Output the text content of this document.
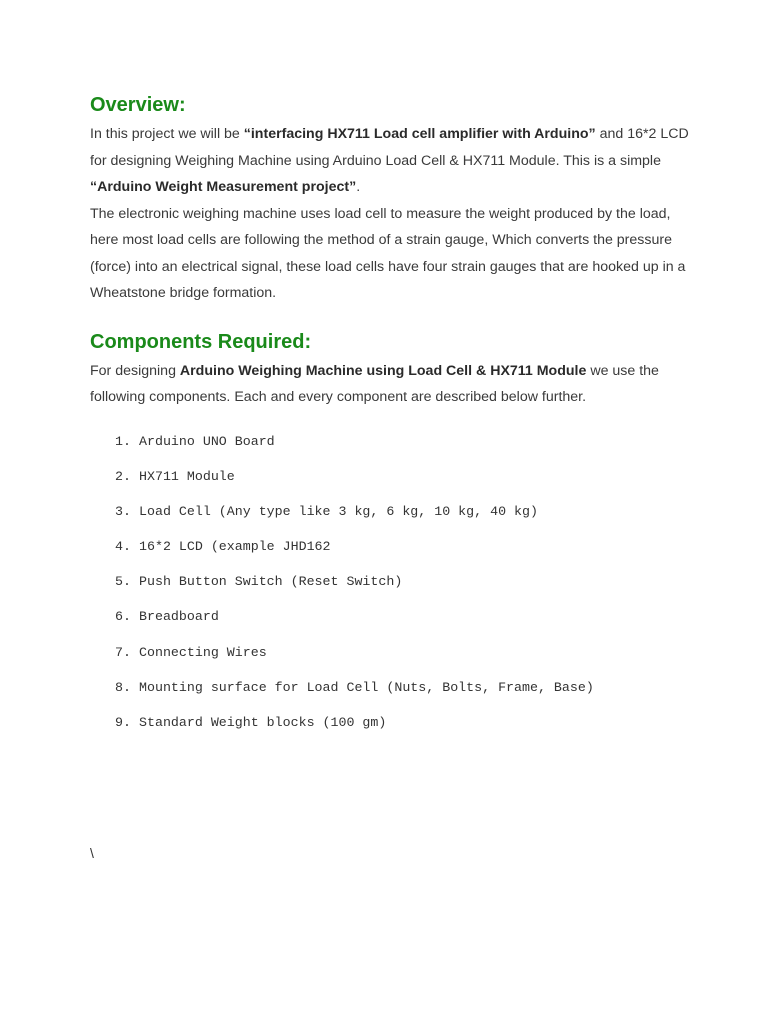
Overview:

In this project we will be “interfacing HX711 Load cell amplifier with Arduino” and 16*2 LCD for designing Weighing Machine using Arduino Load Cell & HX711 Module. This is a simple “Arduino Weight Measurement project”.

The electronic weighing machine uses load cell to measure the weight produced by the load, here most load cells are following the method of a strain gauge, Which converts the pressure (force) into an electrical signal, these load cells have four strain gauges that are hooked up in a Wheatstone bridge formation.

Components Required:

For designing Arduino Weighing Machine using Load Cell & HX711 Module we use the following components. Each and every component are described below further.

1. Arduino UNO Board
2. HX711 Module
3. Load Cell (Any type like 3 kg, 6 kg, 10 kg, 40 kg)
4. 16*2 LCD (example JHD162
5. Push Button Switch (Reset Switch)
6. Breadboard
7. Connecting Wires
8. Mounting surface for Load Cell (Nuts, Bolts, Frame, Base)
9. Standard Weight blocks (100 gm)
\
